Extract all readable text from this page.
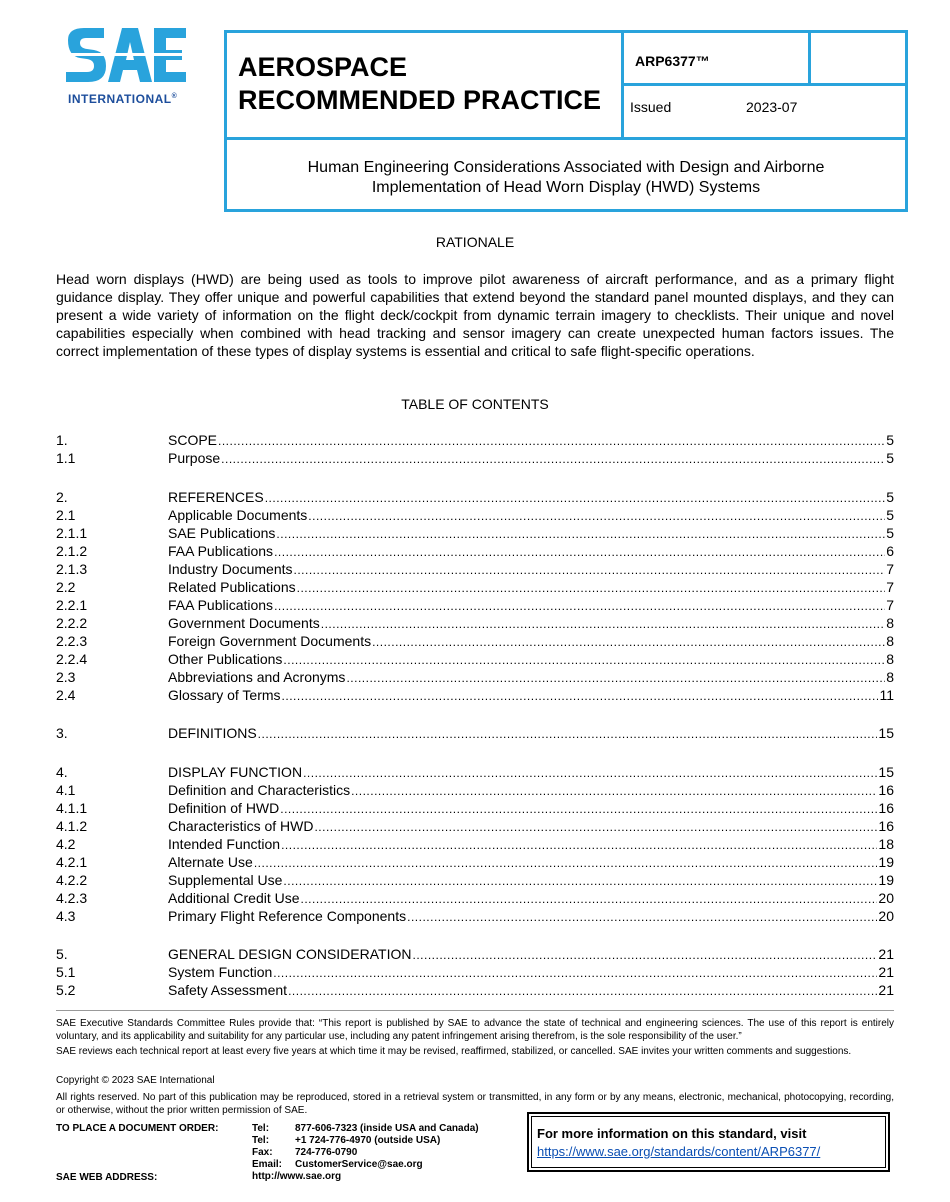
INTERNATIONAL®
AEROSPACE
RECOMMENDED PRACTICE
ARP6377™
Issued	2023-07
Human Engineering Considerations Associated with Design and Airborne
Implementation of Head Worn Display (HWD) Systems
RATIONALE

Head worn displays (HWD) are being used as tools to improve pilot awareness of aircraft performance, and as a primary flight guidance display. They offer unique and powerful capabilities that extend beyond the standard panel mounted displays, and they can present a wide variety of information on the flight deck/cockpit from dynamic terrain imagery to checklists. Their unique and novel capabilities especially when combined with head tracking and sensor imagery can create unexpected human factors issues. The correct implementation of these types of display systems is essential and critical to safe flight-specific operations.

TABLE OF CONTENTS
1.	SCOPE .....	5
1.1	Purpose .....	5
2.	REFERENCES .....	5
2.1	Applicable Documents .....	5
2.1.1	SAE Publications .....	5
2.1.2	FAA Publications .....	6
2.1.3	Industry Documents .....	7
2.2	Related Publications .....	7
2.2.1	FAA Publications .....	7
2.2.2	Government Documents .....	8
2.2.3	Foreign Government Documents .....	8
2.2.4	Other Publications .....	8
2.3	Abbreviations and Acronyms .....	8
2.4	Glossary of Terms .....	11
3.	DEFINITIONS .....	15
4.	DISPLAY FUNCTION .....	15
4.1	Definition and Characteristics .....	16
4.1.1	Definition of HWD .....	16
4.1.2	Characteristics of HWD .....	16
4.2	Intended Function .....	18
4.2.1	Alternate Use .....	19
4.2.2	Supplemental Use .....	19
4.2.3	Additional Credit Use .....	20
4.3	Primary Flight Reference Components .....	20
5.	GENERAL DESIGN CONSIDERATION .....	21
5.1	System Function .....	21
5.2	Safety Assessment .....	21

SAE Executive Standards Committee Rules provide that: “This report is published by SAE to advance the state of technical and engineering sciences. The use of this report is entirely voluntary, and its applicability and suitability for any particular use, including any patent infringement arising therefrom, is the sole responsibility of the user.”

SAE reviews each technical report at least every five years at which time it may be revised, reaffirmed, stabilized, or cancelled. SAE invites your written comments and suggestions.

Copyright © 2023 SAE International

All rights reserved. No part of this publication may be reproduced, stored in a retrieval system or transmitted, in any form or by any means, electronic, mechanical, photocopying, recording, or otherwise, without the prior written permission of SAE.

TO PLACE A DOCUMENT ORDER:
SAE WEB ADDRESS:
Tel:	877-606-7323 (inside USA and Canada)
Tel:	+1 724-776-4970 (outside USA)
Fax:	724-776-0790
Email:	CustomerService@sae.org
http://www.sae.org
For more information on this standard, visit
https://www.sae.org/standards/content/ARP6377/
